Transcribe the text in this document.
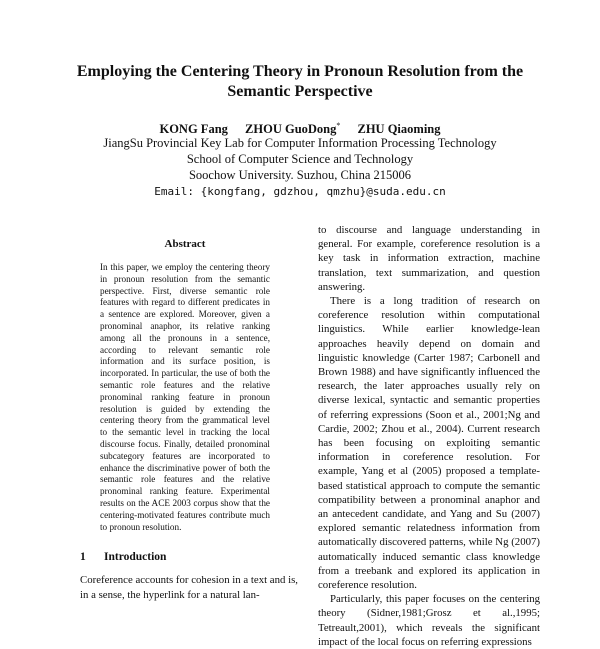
Employing the Centering Theory in Pronoun Resolution from the Semantic Perspective
KONG Fang ZHOU GuoDong* ZHU Qiaoming
JiangSu Provincial Key Lab for Computer Information Processing Technology
School of Computer Science and Technology
Soochow University. Suzhou, China 215006
Email: {kongfang, gdzhou, qmzhu}@suda.edu.cn
Abstract

In this paper, we employ the centering theory in pronoun resolution from the semantic perspective. First, diverse semantic role features with regard to different predicates in a sentence are explored. Moreover, given a pronominal anaphor, its relative ranking among all the pronouns in a sentence, according to relevant semantic role information and its surface position, is incorporated. In particular, the use of both the semantic role features and the relative pronominal ranking feature in pronoun resolution is guided by extending the centering theory from the grammatical level to the semantic level in tracking the local discourse focus. Finally, detailed pronominal subcategory features are incorporated to enhance the discriminative power of both the semantic role features and the relative pronominal ranking feature. Experimental results on the ACE 2003 corpus show that the centering-motivated features contribute much to pronoun resolution.

1 Introduction

Coreference accounts for cohesion in a text and is, in a sense, the hyperlink for a natural lan-

to discourse and language understanding in general. For example, coreference resolution is a key task in information extraction, machine translation, text summarization, and question answering.

There is a long tradition of research on coreference resolution within computational linguistics. While earlier knowledge-lean approaches heavily depend on domain and linguistic knowledge (Carter 1987; Carbonell and Brown 1988) and have significantly influenced the research, the later approaches usually rely on diverse lexical, syntactic and semantic properties of referring expressions (Soon et al., 2001;Ng and Cardie, 2002; Zhou et al., 2004). Current research has been focusing on exploiting semantic information in coreference resolution. For example, Yang et al (2005) proposed a template-based statistical approach to compute the semantic compatibility between a pronominal anaphor and an antecedent candidate, and Yang and Su (2007) explored semantic relatedness information from automatically discovered patterns, while Ng (2007) automatically induced semantic class knowledge from a treebank and explored its application in coreference resolution.

Particularly, this paper focuses on the centering theory (Sidner,1981;Grosz et al.,1995; Tetreault,2001), which reveals the significant impact of the local focus on referring expressions
